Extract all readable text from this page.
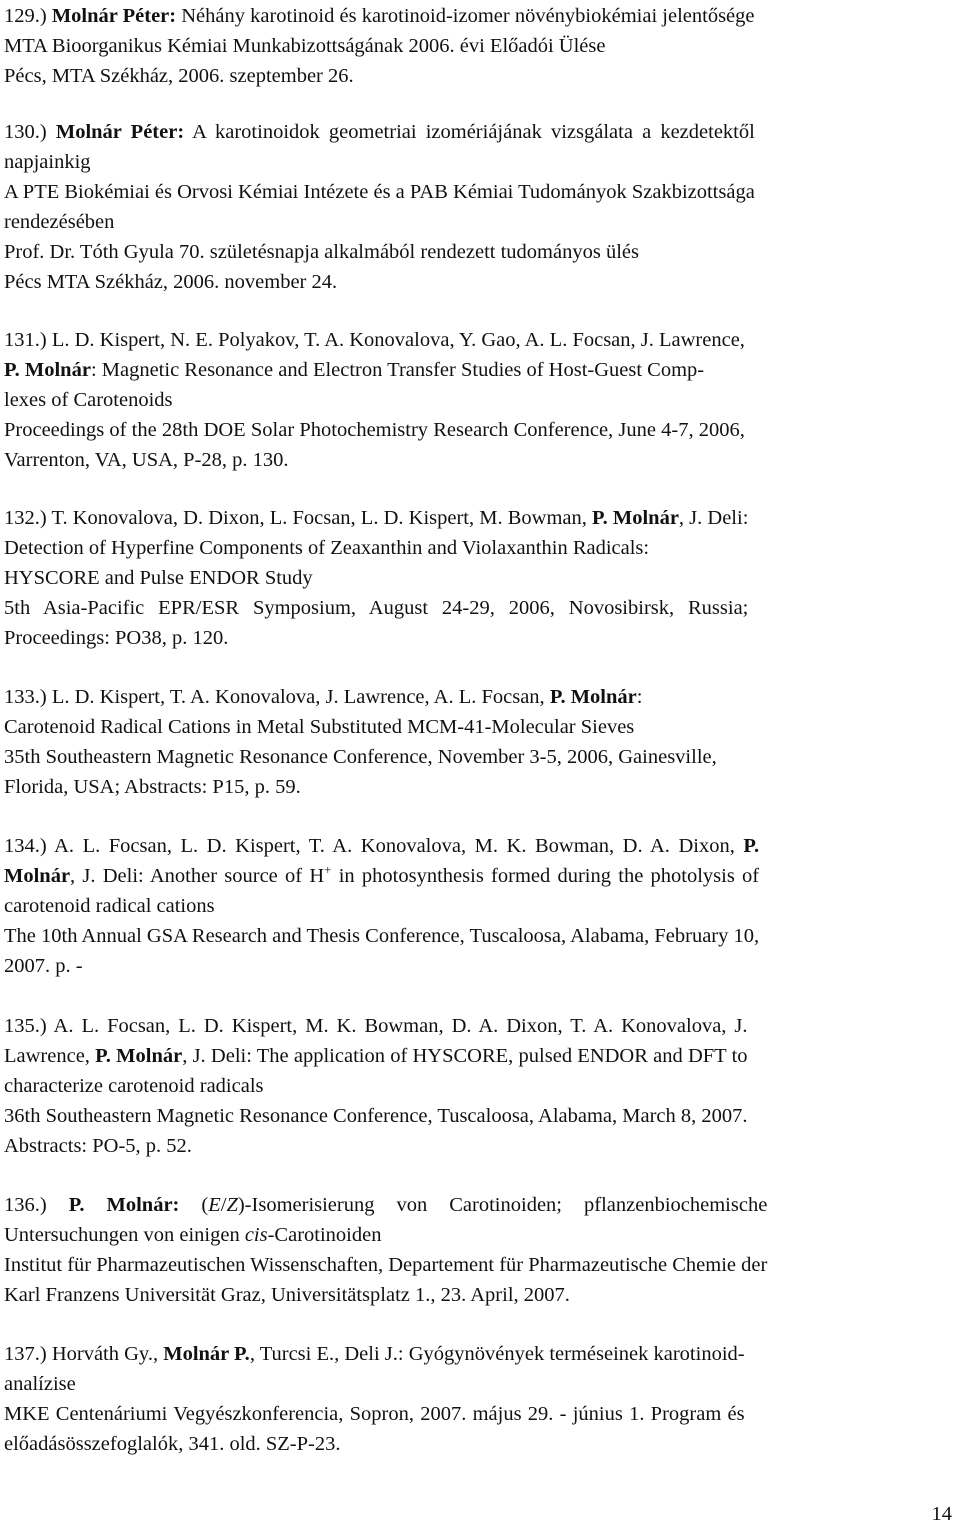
129.) Molnár Péter: Néhány karotinoid és karotinoid-izomer növénybiokémiai jelentősége
MTA Bioorganikus Kémiai Munkabizottságának 2006. évi Előadói Ülése
Pécs, MTA Székház, 2006. szeptember 26.
130.) Molnár Péter: A karotinoidok geometriai izomériájának vizsgálata a kezdetektől
napjainkig
A PTE Biokémiai és Orvosi Kémiai Intézete és a PAB Kémiai Tudományok Szakbizottsága
rendezésében
Prof. Dr. Tóth Gyula 70. születésnapja alkalmából rendezett tudományos ülés
Pécs MTA Székház, 2006. november 24.
131.) L. D. Kispert, N. E. Polyakov, T. A. Konovalova, Y. Gao, A. L. Focsan, J. Lawrence,
P. Molnár: Magnetic Resonance and Electron Transfer Studies of Host-Guest Comp-
lexes of Carotenoids
Proceedings of the 28th DOE Solar Photochemistry Research Conference, June 4-7, 2006,
Varrenton, VA, USA, P-28, p. 130.
132.) T. Konovalova, D. Dixon, L. Focsan, L. D. Kispert, M. Bowman, P. Molnár, J. Deli:
Detection of Hyperfine Components of Zeaxanthin and Violaxanthin Radicals:
HYSCORE and Pulse ENDOR Study
5th Asia-Pacific EPR/ESR Symposium, August 24-29, 2006, Novosibirsk, Russia;
Proceedings: PO38, p. 120.
133.) L. D. Kispert, T. A. Konovalova, J. Lawrence, A. L. Focsan, P. Molnár:
Carotenoid Radical Cations in Metal Substituted MCM-41-Molecular Sieves
35th Southeastern Magnetic Resonance Conference, November 3-5, 2006, Gainesville,
Florida, USA; Abstracts: P15, p. 59.
134.) A. L. Focsan, L. D. Kispert, T. A. Konovalova, M. K. Bowman, D. A. Dixon, P.
Molnár, J. Deli: Another source of H+ in photosynthesis formed during the photolysis of
carotenoid radical cations
The 10th Annual GSA Research and Thesis Conference, Tuscaloosa, Alabama, February 10,
2007. p. -
135.) A. L. Focsan, L. D. Kispert, M. K. Bowman, D. A. Dixon, T. A. Konovalova, J.
Lawrence, P. Molnár, J. Deli: The application of HYSCORE, pulsed ENDOR and DFT to
characterize carotenoid radicals
36th Southeastern Magnetic Resonance Conference, Tuscaloosa, Alabama, March 8, 2007.
Abstracts: PO-5, p. 52.
136.) P. Molnár: (E/Z)-Isomerisierung von Carotinoiden; pflanzenbiochemische
Untersuchungen von einigen cis-Carotinoiden
Institut für Pharmazeutischen Wissenschaften, Departement für Pharmazeutische Chemie der
Karl Franzens Universität Graz, Universitätsplatz 1., 23. April, 2007.
137.) Horváth Gy., Molnár P., Turcsi E., Deli J.: Gyógynövények terméseinek karotinoid-
analízise
MKE Centenáriumi Vegyészkonferencia, Sopron, 2007. május 29. - június 1. Program és
előadásösszefoglalók, 341. old. SZ-P-23.
14
